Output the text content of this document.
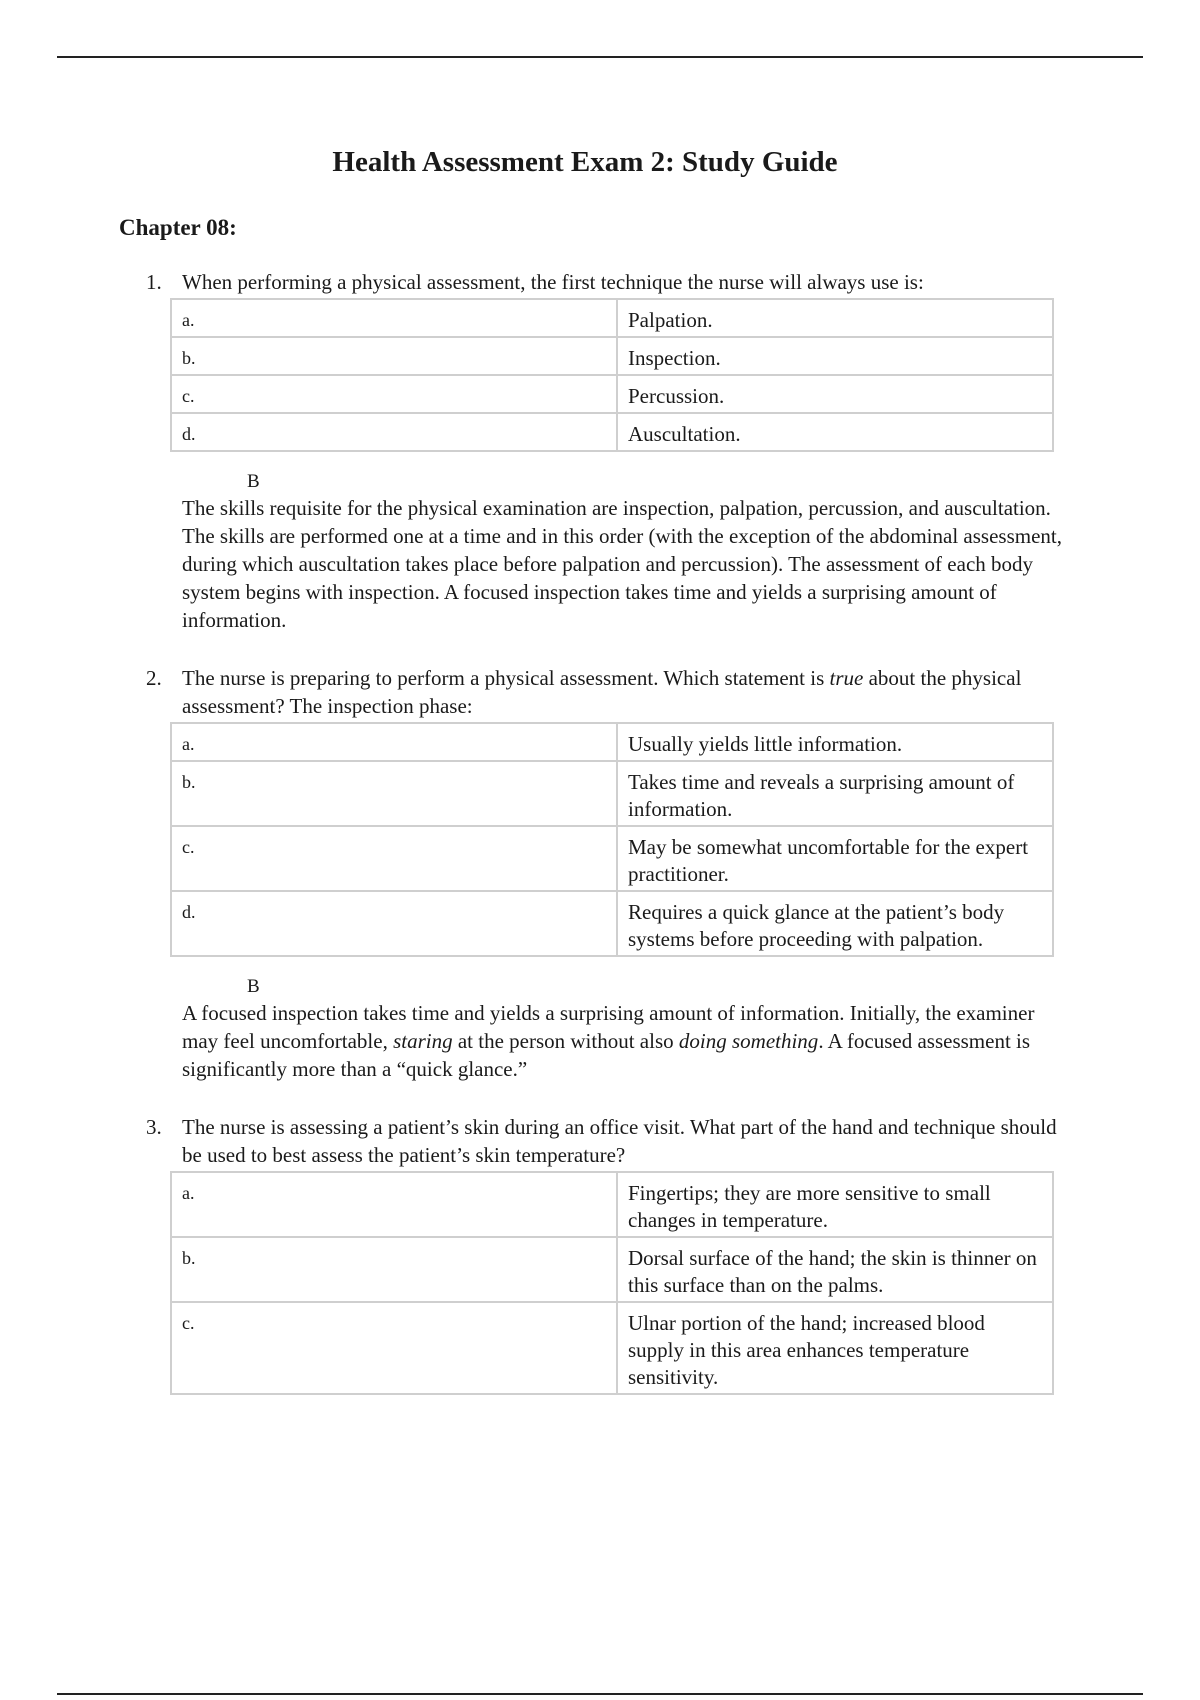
Health Assessment Exam 2: Study Guide
Chapter 08:
1. When performing a physical assessment, the first technique the nurse will always use is:
a.	Palpation.
b.	Inspection.
c.	Percussion.
d.	Auscultation.
B
The skills requisite for the physical examination are inspection, palpation, percussion, and auscultation. The skills are performed one at a time and in this order (with the exception of the abdominal assessment, during which auscultation takes place before palpation and percussion). The assessment of each body system begins with inspection. A focused inspection takes time and yields a surprising amount of information.
2. The nurse is preparing to perform a physical assessment. Which statement is true about the physical assessment? The inspection phase:
a.	Usually yields little information.
b.	Takes time and reveals a surprising amount of information.
c.	May be somewhat uncomfortable for the expert practitioner.
d.	Requires a quick glance at the patient’s body systems before proceeding with palpation.
B
A focused inspection takes time and yields a surprising amount of information. Initially, the examiner may feel uncomfortable, staring at the person without also doing something. A focused assessment is significantly more than a “quick glance.”
3. The nurse is assessing a patient’s skin during an office visit. What part of the hand and technique should be used to best assess the patient’s skin temperature?
a.	Fingertips; they are more sensitive to small changes in temperature.
b.	Dorsal surface of the hand; the skin is thinner on this surface than on the palms.
c.	Ulnar portion of the hand; increased blood supply in this area enhances temperature sensitivity.
